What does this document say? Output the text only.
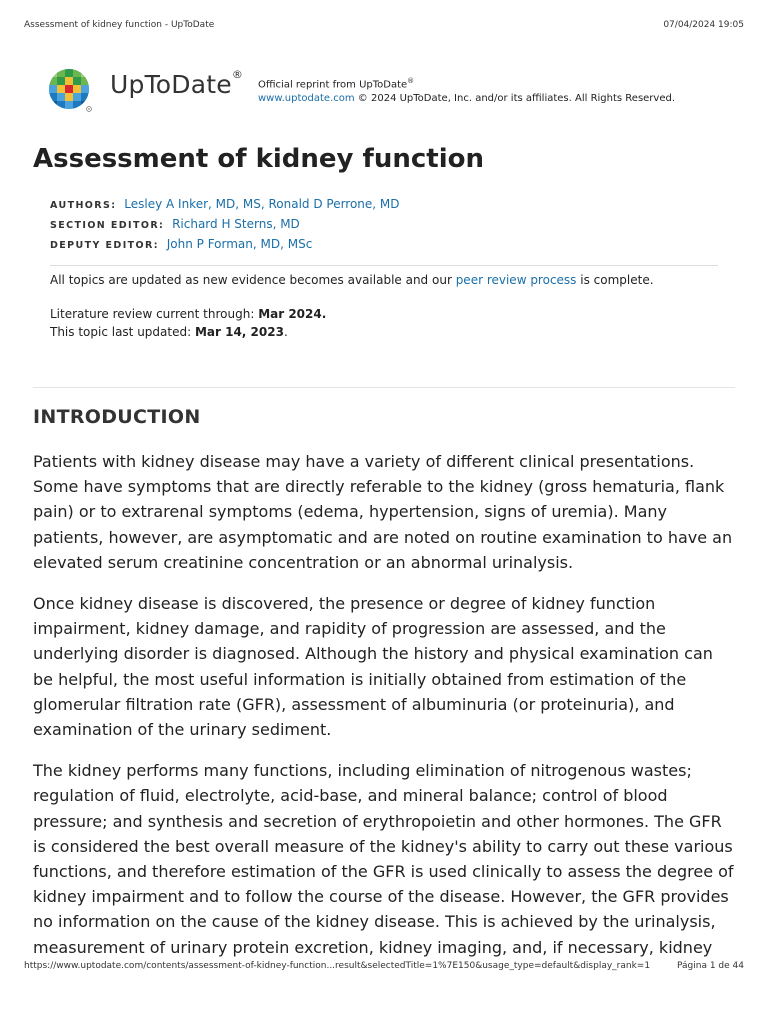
Assessment of kidney function - UpToDate	07/04/2024 19:05
R
UpToDate®
Official reprint from UpToDate®
www.uptodate.com © 2024 UpToDate, Inc. and/or its affiliates. All Rights Reserved.
Assessment of kidney function
AUTHORS: Lesley A Inker, MD, MS, Ronald D Perrone, MD
SECTION EDITOR: Richard H Sterns, MD
DEPUTY EDITOR: John P Forman, MD, MSc
All topics are updated as new evidence becomes available and our peer review process is complete.
Literature review current through: Mar 2024.
This topic last updated: Mar 14, 2023.
INTRODUCTION

Patients with kidney disease may have a variety of different clinical presentations. Some have symptoms that are directly referable to the kidney (gross hematuria, flank pain) or to extrarenal symptoms (edema, hypertension, signs of uremia). Many patients, however, are asymptomatic and are noted on routine examination to have an elevated serum creatinine concentration or an abnormal urinalysis.

Once kidney disease is discovered, the presence or degree of kidney function impairment, kidney damage, and rapidity of progression are assessed, and the underlying disorder is diagnosed. Although the history and physical examination can be helpful, the most useful information is initially obtained from estimation of the glomerular filtration rate (GFR), assessment of albuminuria (or proteinuria), and examination of the urinary sediment.

The kidney performs many functions, including elimination of nitrogenous wastes; regulation of fluid, electrolyte, acid-base, and mineral balance; control of blood pressure; and synthesis and secretion of erythropoietin and other hormones. The GFR is considered the best overall measure of the kidney's ability to carry out these various functions, and therefore estimation of the GFR is used clinically to assess the degree of kidney impairment and to follow the course of the disease. However, the GFR provides no information on the cause of the kidney disease. This is achieved by the urinalysis, measurement of urinary protein excretion, kidney imaging, and, if necessary, kidney

https://www.uptodate.com/contents/assessment-of-kidney-function...result&selectedTitle=1%7E150&usage_type=default&display_rank=1	Página 1 de 44
